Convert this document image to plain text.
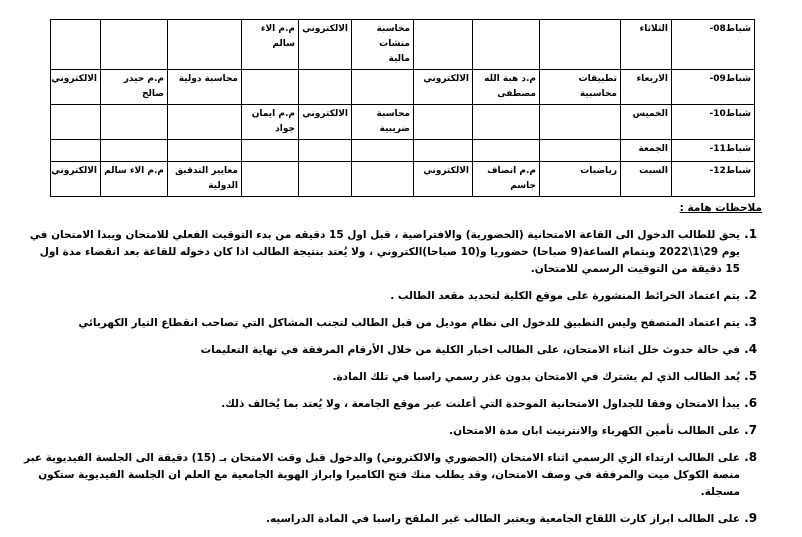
شباط08-	الثلاثاء				محاسبة منشات مالية	الالكتروني	م.م الاء سالم			
شباط09-	الاربعاء	تطبيقات محاسبية	م.د هبة الله مصطفى	الالكتروني				محاسبة دولية	م.م حيدر صالح	الالكتروني
شباط10-	الخميس				محاسبة ضريبية	الالكتروني	م.م ايمان جواد			
شباط11-	الجمعة									
شباط12-	السبت	رياضيات	م.م انصاف جاسم	الالكتروني				معايير التدقيق الدولية	م.م الاء سالم	الالكتروني
ملاحظات هامة :
1. يحق للطالب الدخول الى القاعة الامتحانية (الحضورية) والافتراضية ، قبل اول 15 دقيقه من بدء التوقيت الفعلي للامتحان ويبدا الامتحان في يوم 29\1\2022 وبتمام الساعة(9 صباحا) حضوريا و(10 صباحا)الكتروني ، ولا يُعتد بنتيجة الطالب اذا كان دخوله للقاعة بعد انقضاء مدة اول 15 دقيقة من التوقيت الرسمي للامتحان.
2. يتم اعتماد الخرائط المنشورة على موقع الكلية لتحديد مقعد الطالب .
3. يتم اعتماد المتصفح وليس التطبيق للدخول الى نظام موديل من قبل الطالب لتجنب المشاكل التي تصاحب انقطاع التيار الكهربائي
4. في حالة حدوث خلل اثناء الامتحان، على الطالب اخبار الكلية من خلال الأرقام المرفقة في نهاية التعليمات
5. يُعد الطالب الذي لم يشترك في الامتحان بدون عذر رسمي راسبا في تلك المادة.
6. يبدأ الامتحان وفقا للجداول الامتحانية الموحدة التي أعلنت عبر موقع الجامعة ، ولا يُعتد بما يُخالف ذلك.
7. على الطالب تأمين الكهرباء والانترنيت ابان مدة الامتحان.
8. على الطالب ارتداء الزي الرسمي اثناء الامتحان (الحضوري والالكتروني) والدخول قبل وقت الامتحان بـ (15) دقيقة الى الجلسة الفيديوية عبر منصة الكوكل ميت والمرفقة في وصف الامتحان، وقد يطلب منك فتح الكاميرا وابراز الهوية الجامعية مع العلم ان الجلسة الفيديوية ستكون مسجلة.
9. على الطالب ابراز كارت اللقاح الجامعية ويعتبر الطالب غير الملقح راسبا في المادة الدراسيه.
